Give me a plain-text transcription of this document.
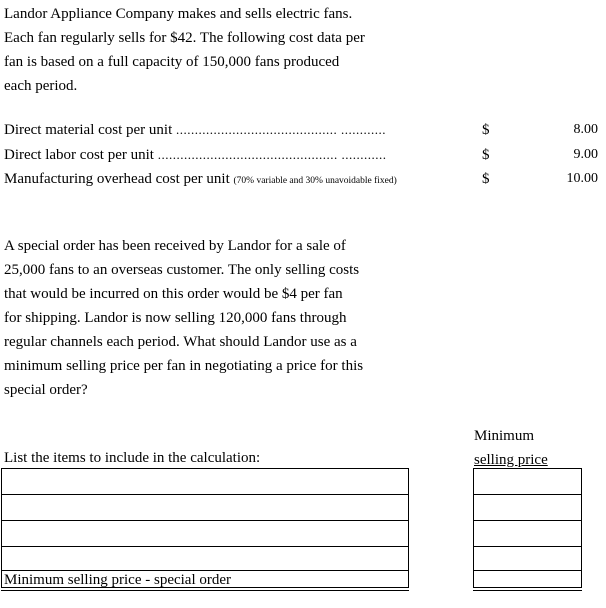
Landor Appliance Company makes and sells electric fans.
Each fan regularly sells for $42. The following cost data per
fan is based on a full capacity of 150,000 fans produced
each period.
Direct material cost per unit ........................................... ............	$	8.00
Direct labor cost per unit ................................................ ............	$	9.00
Manufacturing overhead cost per unit (70% variable and 30% unavoidable fixed)	$	10.00
A special order has been received by Landor for a sale of
25,000 fans to an overseas customer. The only selling costs
that would be incurred on this order would be $4 per fan
for shipping. Landor is now selling 120,000 fans through
regular channels each period. What should Landor use as a
minimum selling price per fan in negotiating a price for this
special order?
Minimum
selling price
List the items to include in the calculation:
Minimum selling price - special order
